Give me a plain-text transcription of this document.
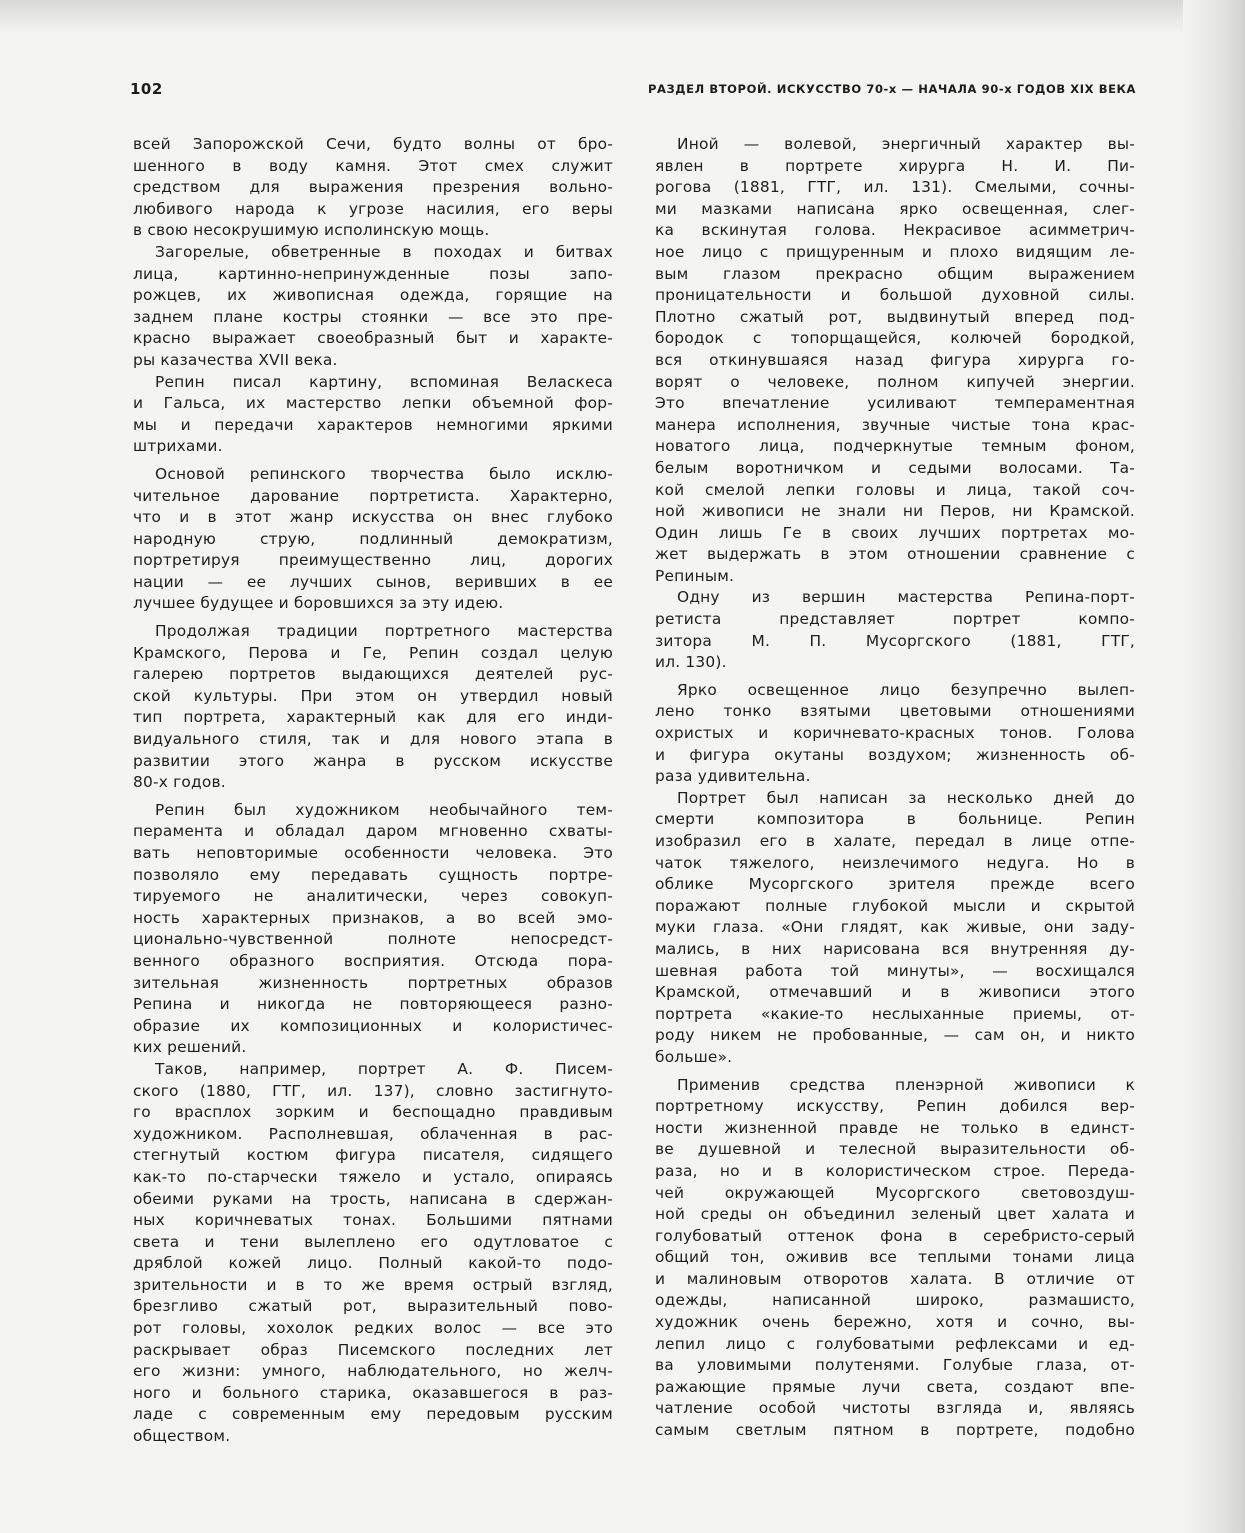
102	РАЗДЕЛ ВТОРОЙ. ИСКУССТВО 70-х — НАЧАЛА 90-х ГОДОВ XIX ВЕКА
всей Запорожской Сечи, будто волны от бро-
шенного в воду камня. Этот смех служит
средством для выражения презрения вольно-
любивого народа к угрозе насилия, его веры
в свою несокрушимую исполинскую мощь.
Загорелые, обветренные в походах и битвах
лица, картинно-непринужденные позы запо-
рожцев, их живописная одежда, горящие на
заднем плане костры стоянки — все это пре-
красно выражает своеобразный быт и характе-
ры казачества XVII века.
Репин писал картину, вспоминая Веласкеса
и Гальса, их мастерство лепки объемной фор-
мы и передачи характеров немногими яркими
штрихами.
Основой репинского творчества было исклю-
чительное дарование портретиста. Характерно,
что и в этот жанр искусства он внес глубоко
народную струю, подлинный демократизм,
портретируя преимущественно лиц, дорогих
нации — ее лучших сынов, веривших в ее
лучшее будущее и боровшихся за эту идею.
Продолжая традиции портретного мастерства
Крамского, Перова и Ге, Репин создал целую
галерею портретов выдающихся деятелей рус-
ской культуры. При этом он утвердил новый
тип портрета, характерный как для его инди-
видуального стиля, так и для нового этапа в
развитии этого жанра в русском искусстве
80-х годов.
Репин был художником необычайного тем-
перамента и обладал даром мгновенно схваты-
вать неповторимые особенности человека. Это
позволяло ему передавать сущность портре-
тируемого не аналитически, через совокуп-
ность характерных признаков, а во всей эмо-
ционально-чувственной полноте непосредст-
венного образного восприятия. Отсюда пора-
зительная жизненность портретных образов
Репина и никогда не повторяющееся разно-
образие их композиционных и колористичес-
ких решений.
Таков, например, портрет А. Ф. Писем-
ского (1880, ГТГ, ил. 137), словно застигнуто-
го врасплох зорким и беспощадно правдивым
художником. Располневшая, облаченная в рас-
стегнутый костюм фигура писателя, сидящего
как-то по-старчески тяжело и устало, опираясь
обеими руками на трость, написана в сдержан-
ных коричневатых тонах. Большими пятнами
света и тени вылеплено его одутловатое с
дряблой кожей лицо. Полный какой-то подо-
зрительности и в то же время острый взгляд,
брезгливо сжатый рот, выразительный пово-
рот головы, хохолок редких волос — все это
раскрывает образ Писемского последних лет
его жизни: умного, наблюдательного, но желч-
ного и больного старика, оказавшегося в раз-
ладе с современным ему передовым русским
обществом.
Иной — волевой, энергичный характер вы-
явлен в портрете хирурга Н. И. Пи-
рогова (1881, ГТГ, ил. 131). Смелыми, сочны-
ми мазками написана ярко освещенная, слег-
ка вскинутая голова. Некрасивое асимметрич-
ное лицо с прищуренным и плохо видящим ле-
вым глазом прекрасно общим выражением
проницательности и большой духовной силы.
Плотно сжатый рот, выдвинутый вперед под-
бородок с топорщащейся, колючей бородкой,
вся откинувшаяся назад фигура хирурга го-
ворят о человеке, полном кипучей энергии.
Это впечатление усиливают темпераментная
манера исполнения, звучные чистые тона крас-
новатого лица, подчеркнутые темным фоном,
белым воротничком и седыми волосами. Та-
кой смелой лепки головы и лица, такой соч-
ной живописи не знали ни Перов, ни Крамской.
Один лишь Ге в своих лучших портретах мо-
жет выдержать в этом отношении сравнение с
Репиным.
Одну из вершин мастерства Репина-порт-
ретиста представляет портрет компо-
зитора М. П. Мусоргского (1881, ГТГ,
ил. 130).
Ярко освещенное лицо безупречно вылеп-
лено тонко взятыми цветовыми отношениями
охристых и коричневато-красных тонов. Голова
и фигура окутаны воздухом; жизненность об-
раза удивительна.
Портрет был написан за несколько дней до
смерти композитора в больнице. Репин
изобразил его в халате, передал в лице отпе-
чаток тяжелого, неизлечимого недуга. Но в
облике Мусоргского зрителя прежде всего
поражают полные глубокой мысли и скрытой
муки глаза. «Они глядят, как живые, они заду-
мались, в них нарисована вся внутренняя ду-
шевная работа той минуты», — восхищался
Крамской, отмечавший и в живописи этого
портрета «какие-то неслыханные приемы, от-
роду никем не пробованные, — сам он, и никто
больше».
Применив средства пленэрной живописи к
портретному искусству, Репин добился вер-
ности жизненной правде не только в единст-
ве душевной и телесной выразительности об-
раза, но и в колористическом строе. Переда-
чей окружающей Мусоргского световоздуш-
ной среды он объединил зеленый цвет халата и
голубоватый оттенок фона в серебристо-серый
общий тон, оживив все теплыми тонами лица
и малиновым отворотов халата. В отличие от
одежды, написанной широко, размашисто,
художник очень бережно, хотя и сочно, вы-
лепил лицо с голубоватыми рефлексами и ед-
ва уловимыми полутенями. Голубые глаза, от-
ражающие прямые лучи света, создают впе-
чатление особой чистоты взгляда и, являясь
самым светлым пятном в портрете, подобно
